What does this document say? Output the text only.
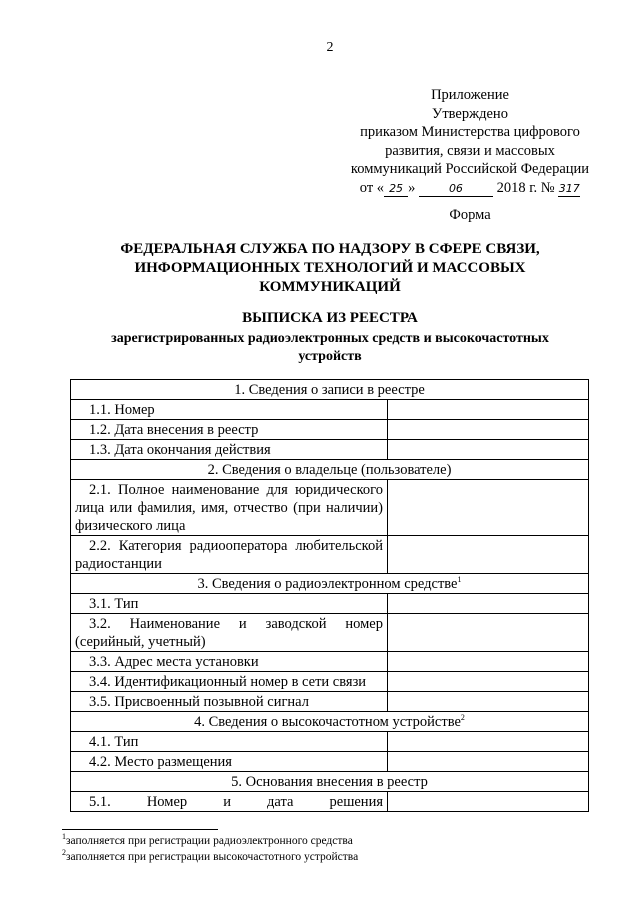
2
Приложение
Утверждено
приказом Министерства цифрового
развития, связи и массовых
коммуникаций Российской Федерации
от « 25 »	06 2018 г. № 317
Форма
ФЕДЕРАЛЬНАЯ СЛУЖБА ПО НАДЗОРУ В СФЕРЕ СВЯЗИ,
ИНФОРМАЦИОННЫХ ТЕХНОЛОГИЙ И МАССОВЫХ
КОММУНИКАЦИЙ
ВЫПИСКА ИЗ РЕЕСТРА
зарегистрированных радиоэлектронных средств и высокочастотных
устройств
1. Сведения о записи в реестре	
1.1. Номер	
1.2. Дата внесения в реестр	
1.3. Дата окончания действия	
2. Сведения о владельце (пользователе)	
2.1. Полное наименование для юридического лица или фамилия, имя, отчество (при наличии) физического лица	
2.2. Категория радиооператора любительской радиостанции	
3. Сведения о радиоэлектронном средстве$^1$
3.1. Тип	
3.2. Наименование и заводской номер (серийный, учетный)	
3.3. Адрес места установки	
3.4. Идентификационный номер в сети связи	
3.5. Присвоенный позывной сигнал	
4. Сведения о высокочастотном устройстве$^2$
4.1. Тип	
4.2. Место размещения	
5. Основания внесения в реестр	
5.1. Номер и дата решения	
$^1$заполняется при регистрации радиоэлектронного средства
$^2$заполняется при регистрации высокочастотного устройства
